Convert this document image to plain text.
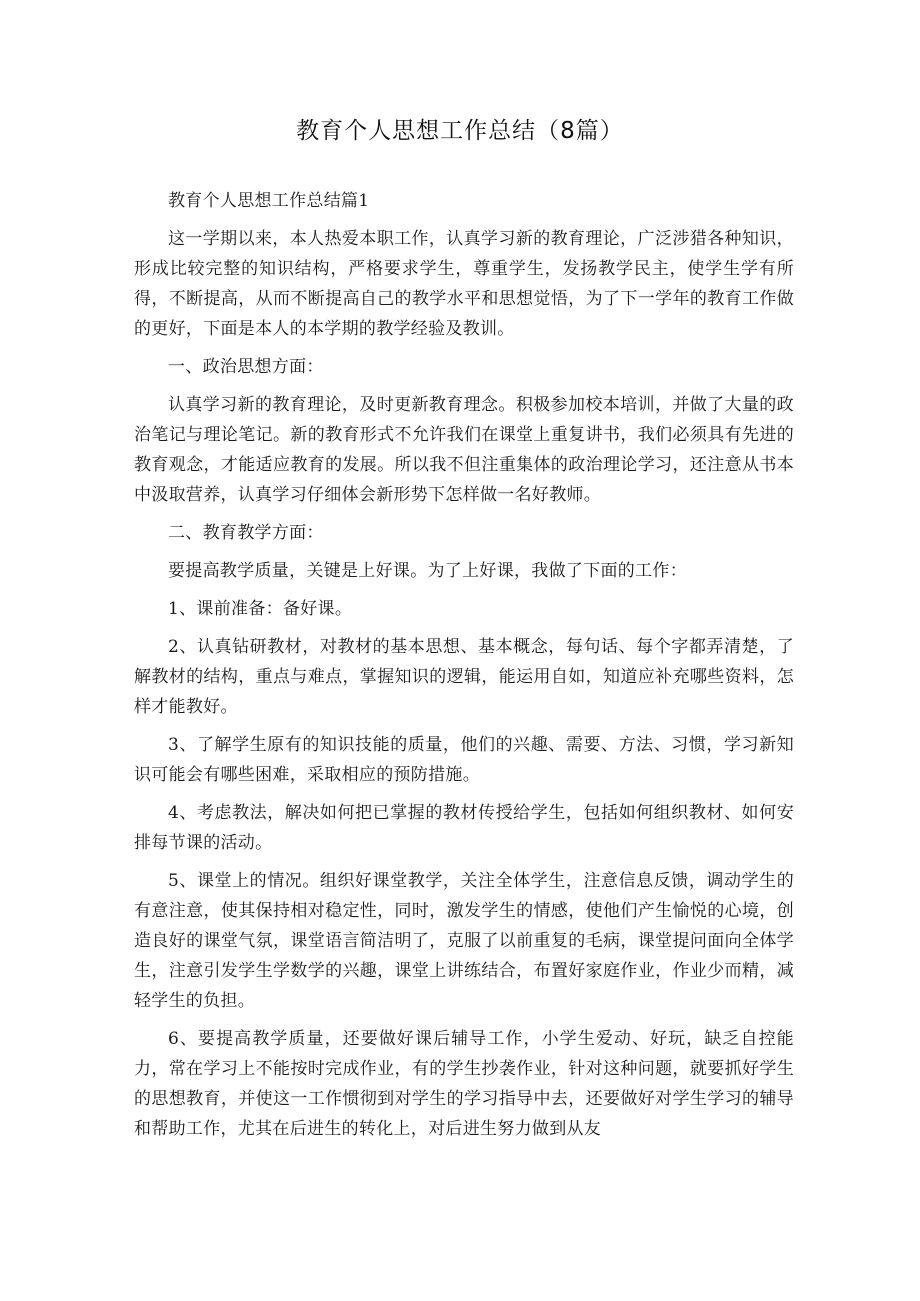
教育个人思想工作总结（8篇）

教育个人思想工作总结篇1

这一学期以来，本人热爱本职工作，认真学习新的教育理论，广泛涉猎各种知识，形成比较完整的知识结构，严格要求学生，尊重学生，发扬教学民主，使学生学有所得，不断提高，从而不断提高自己的教学水平和思想觉悟，为了下一学年的教育工作做的更好，下面是本人的本学期的教学经验及教训。

一、政治思想方面：

认真学习新的教育理论，及时更新教育理念。积极参加校本培训，并做了大量的政治笔记与理论笔记。新的教育形式不允许我们在课堂上重复讲书，我们必须具有先进的教育观念，才能适应教育的发展。所以我不但注重集体的政治理论学习，还注意从书本中汲取营养，认真学习仔细体会新形势下怎样做一名好教师。

二、教育教学方面：

要提高教学质量，关键是上好课。为了上好课，我做了下面的工作：

1、课前准备：备好课。

2、认真钻研教材，对教材的基本思想、基本概念，每句话、每个字都弄清楚，了解教材的结构，重点与难点，掌握知识的逻辑，能运用自如，知道应补充哪些资料，怎样才能教好。

3、了解学生原有的知识技能的质量，他们的兴趣、需要、方法、习惯，学习新知识可能会有哪些困难，采取相应的预防措施。

4、考虑教法，解决如何把已掌握的教材传授给学生，包括如何组织教材、如何安排每节课的活动。

5、课堂上的情况。组织好课堂教学，关注全体学生，注意信息反馈，调动学生的有意注意，使其保持相对稳定性，同时，激发学生的情感，使他们产生愉悦的心境，创造良好的课堂气氛，课堂语言简洁明了，克服了以前重复的毛病，课堂提问面向全体学生，注意引发学生学数学的兴趣，课堂上讲练结合，布置好家庭作业，作业少而精，减轻学生的负担。

6、要提高教学质量，还要做好课后辅导工作，小学生爱动、好玩，缺乏自控能力，常在学习上不能按时完成作业，有的学生抄袭作业，针对这种问题，就要抓好学生的思想教育，并使这一工作惯彻到对学生的学习指导中去，还要做好对学生学习的辅导和帮助工作，尤其在后进生的转化上，对后进生努力做到从友
